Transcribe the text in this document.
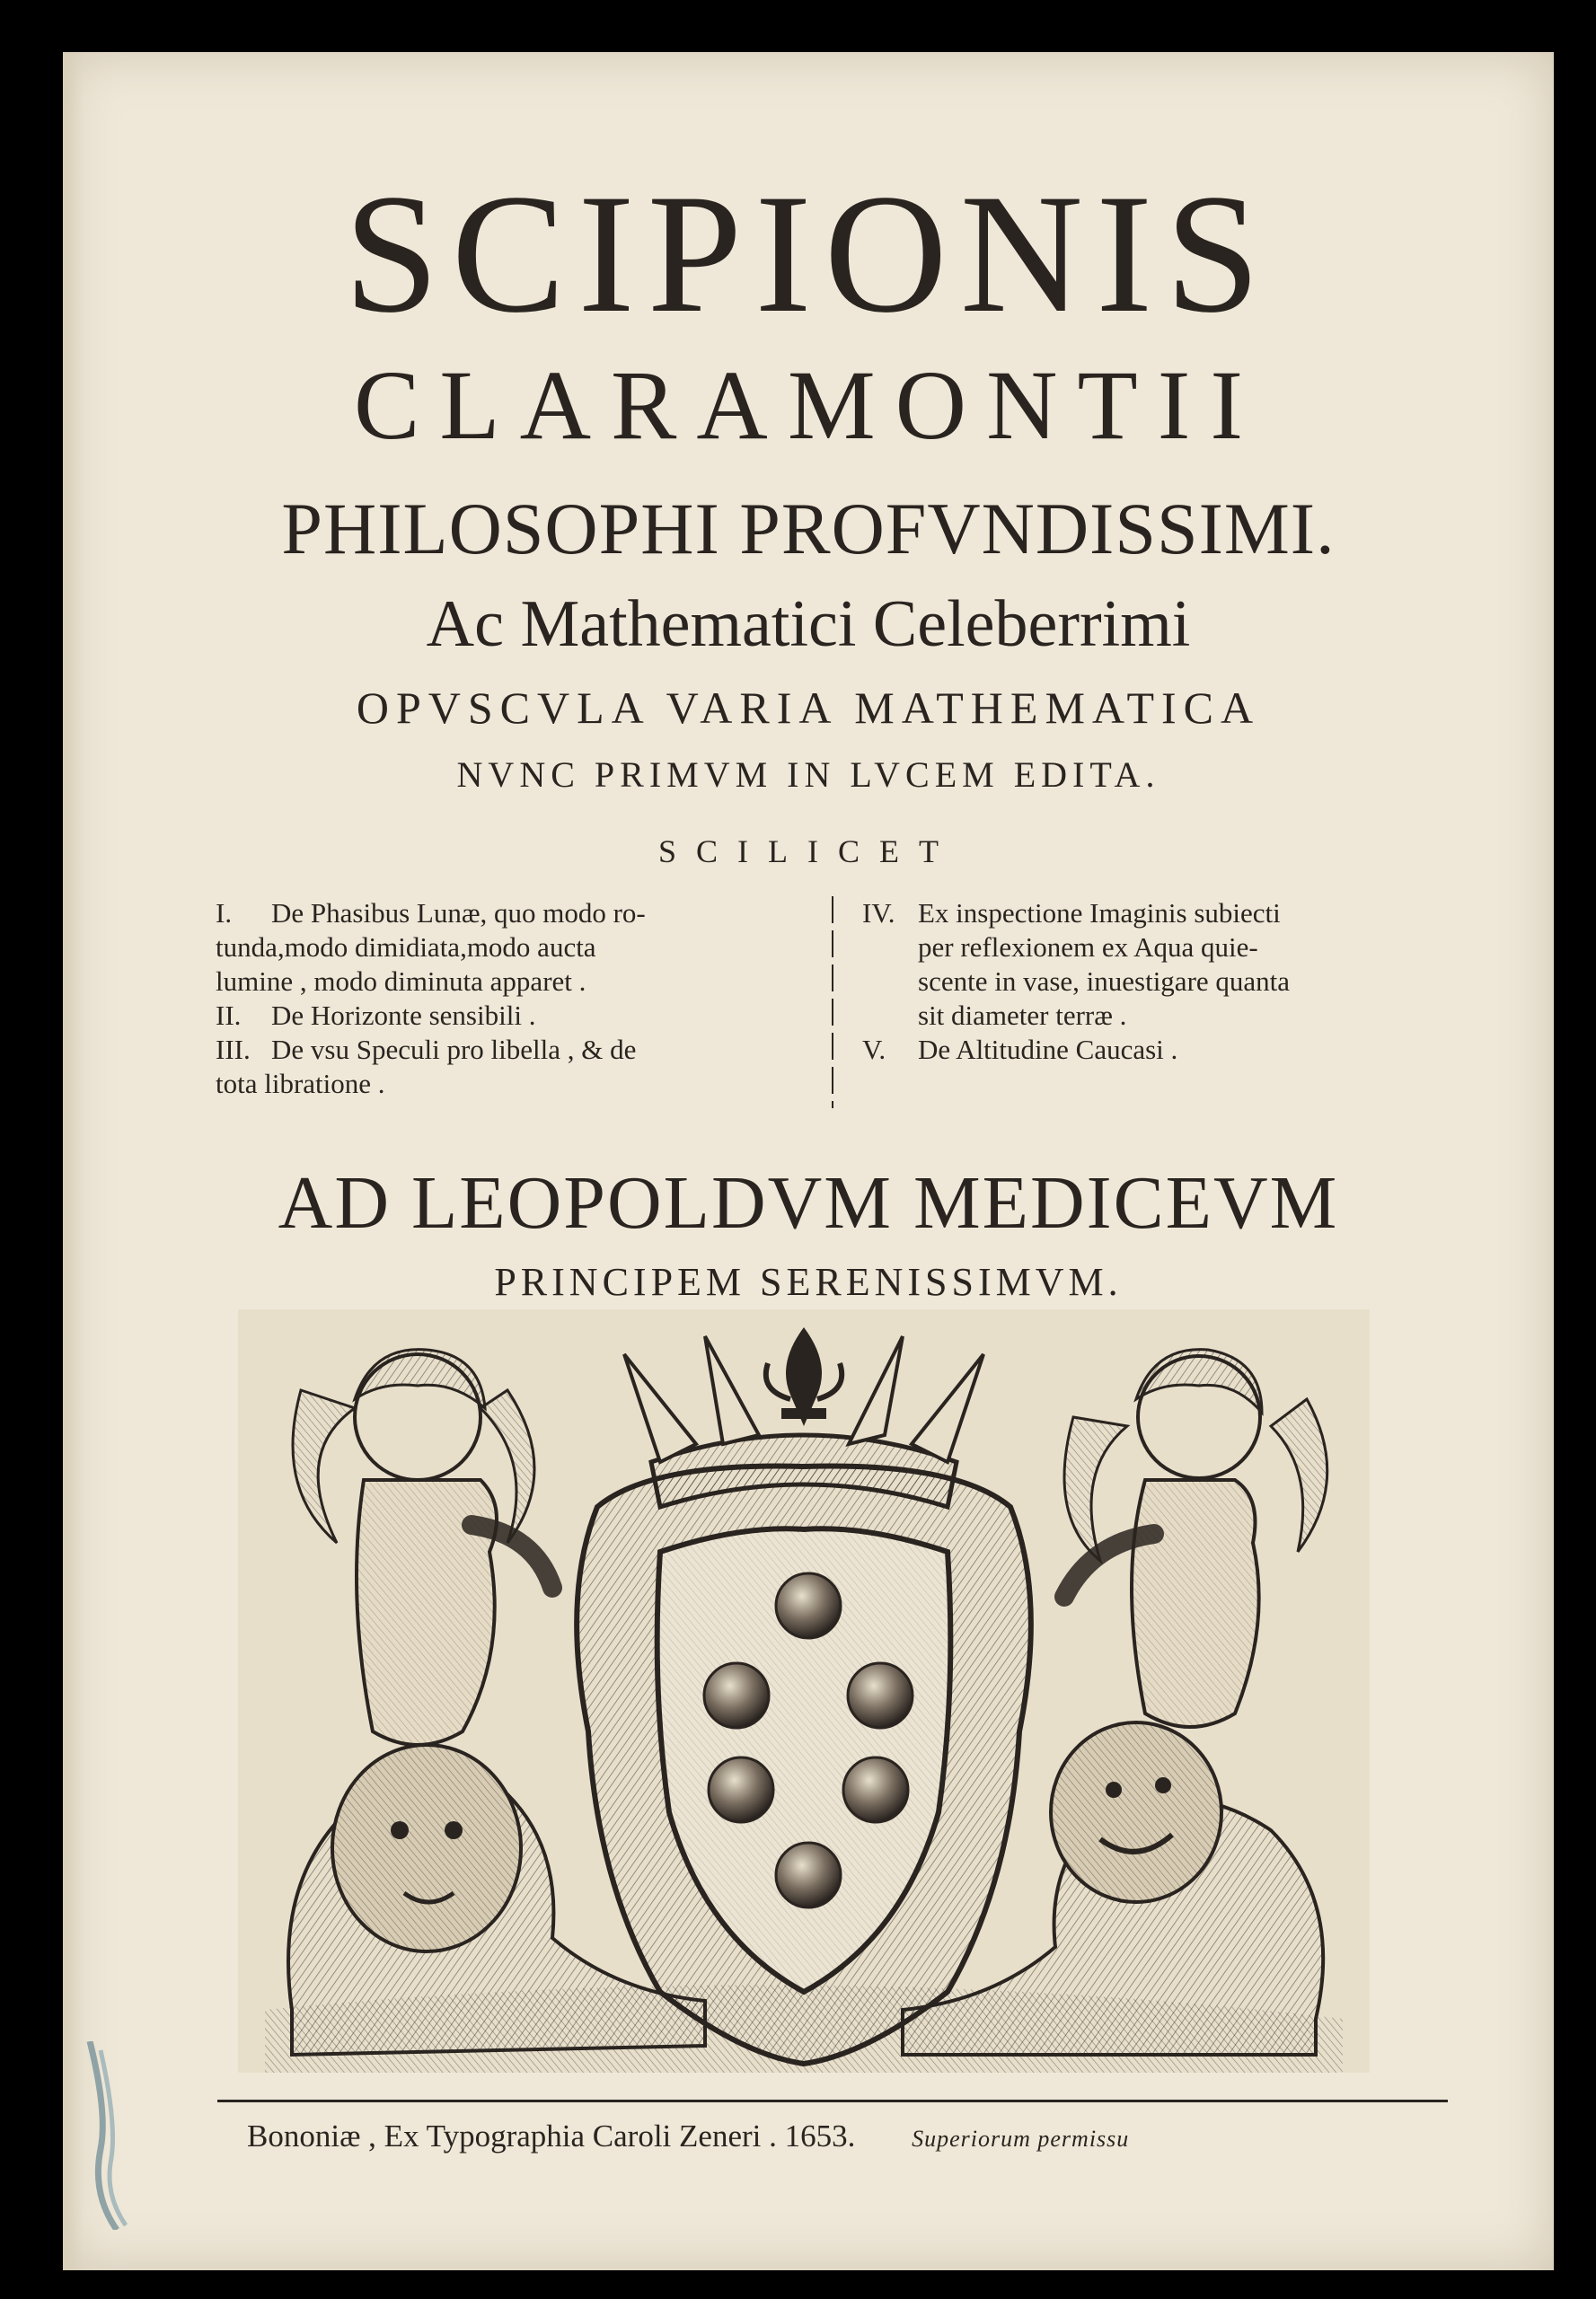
SCIPIONIS
CLARAMONTII
PHILOSOPHI PROFVNDISSIMI.
Ac Mathematici Celeberrimi
OPVSCVLA VARIA MATHEMATICA
NVNC PRIMVM IN LVCEM EDITA.
SCILICET

I. De Phasibus Lunæ, quo modo ro-

tunda,modo dimidiata,modo aucta

lumine , modo diminuta apparet .

II. De Horizonte sensibili .

III. De vsu Speculi pro libella , & de

tota libratione .

IV. Ex inspectione Imaginis subiecti

per reflexionem ex Aqua quie-

scente in vase, inuestigare quanta

sit diameter terræ .

V. De Altitudine Caucasi .

AD LEOPOLDVM MEDICEVM
PRINCIPEM SERENISSIMVM.
Bononiæ , Ex Typographia Caroli Zeneri . 1653. Superiorum permissu
